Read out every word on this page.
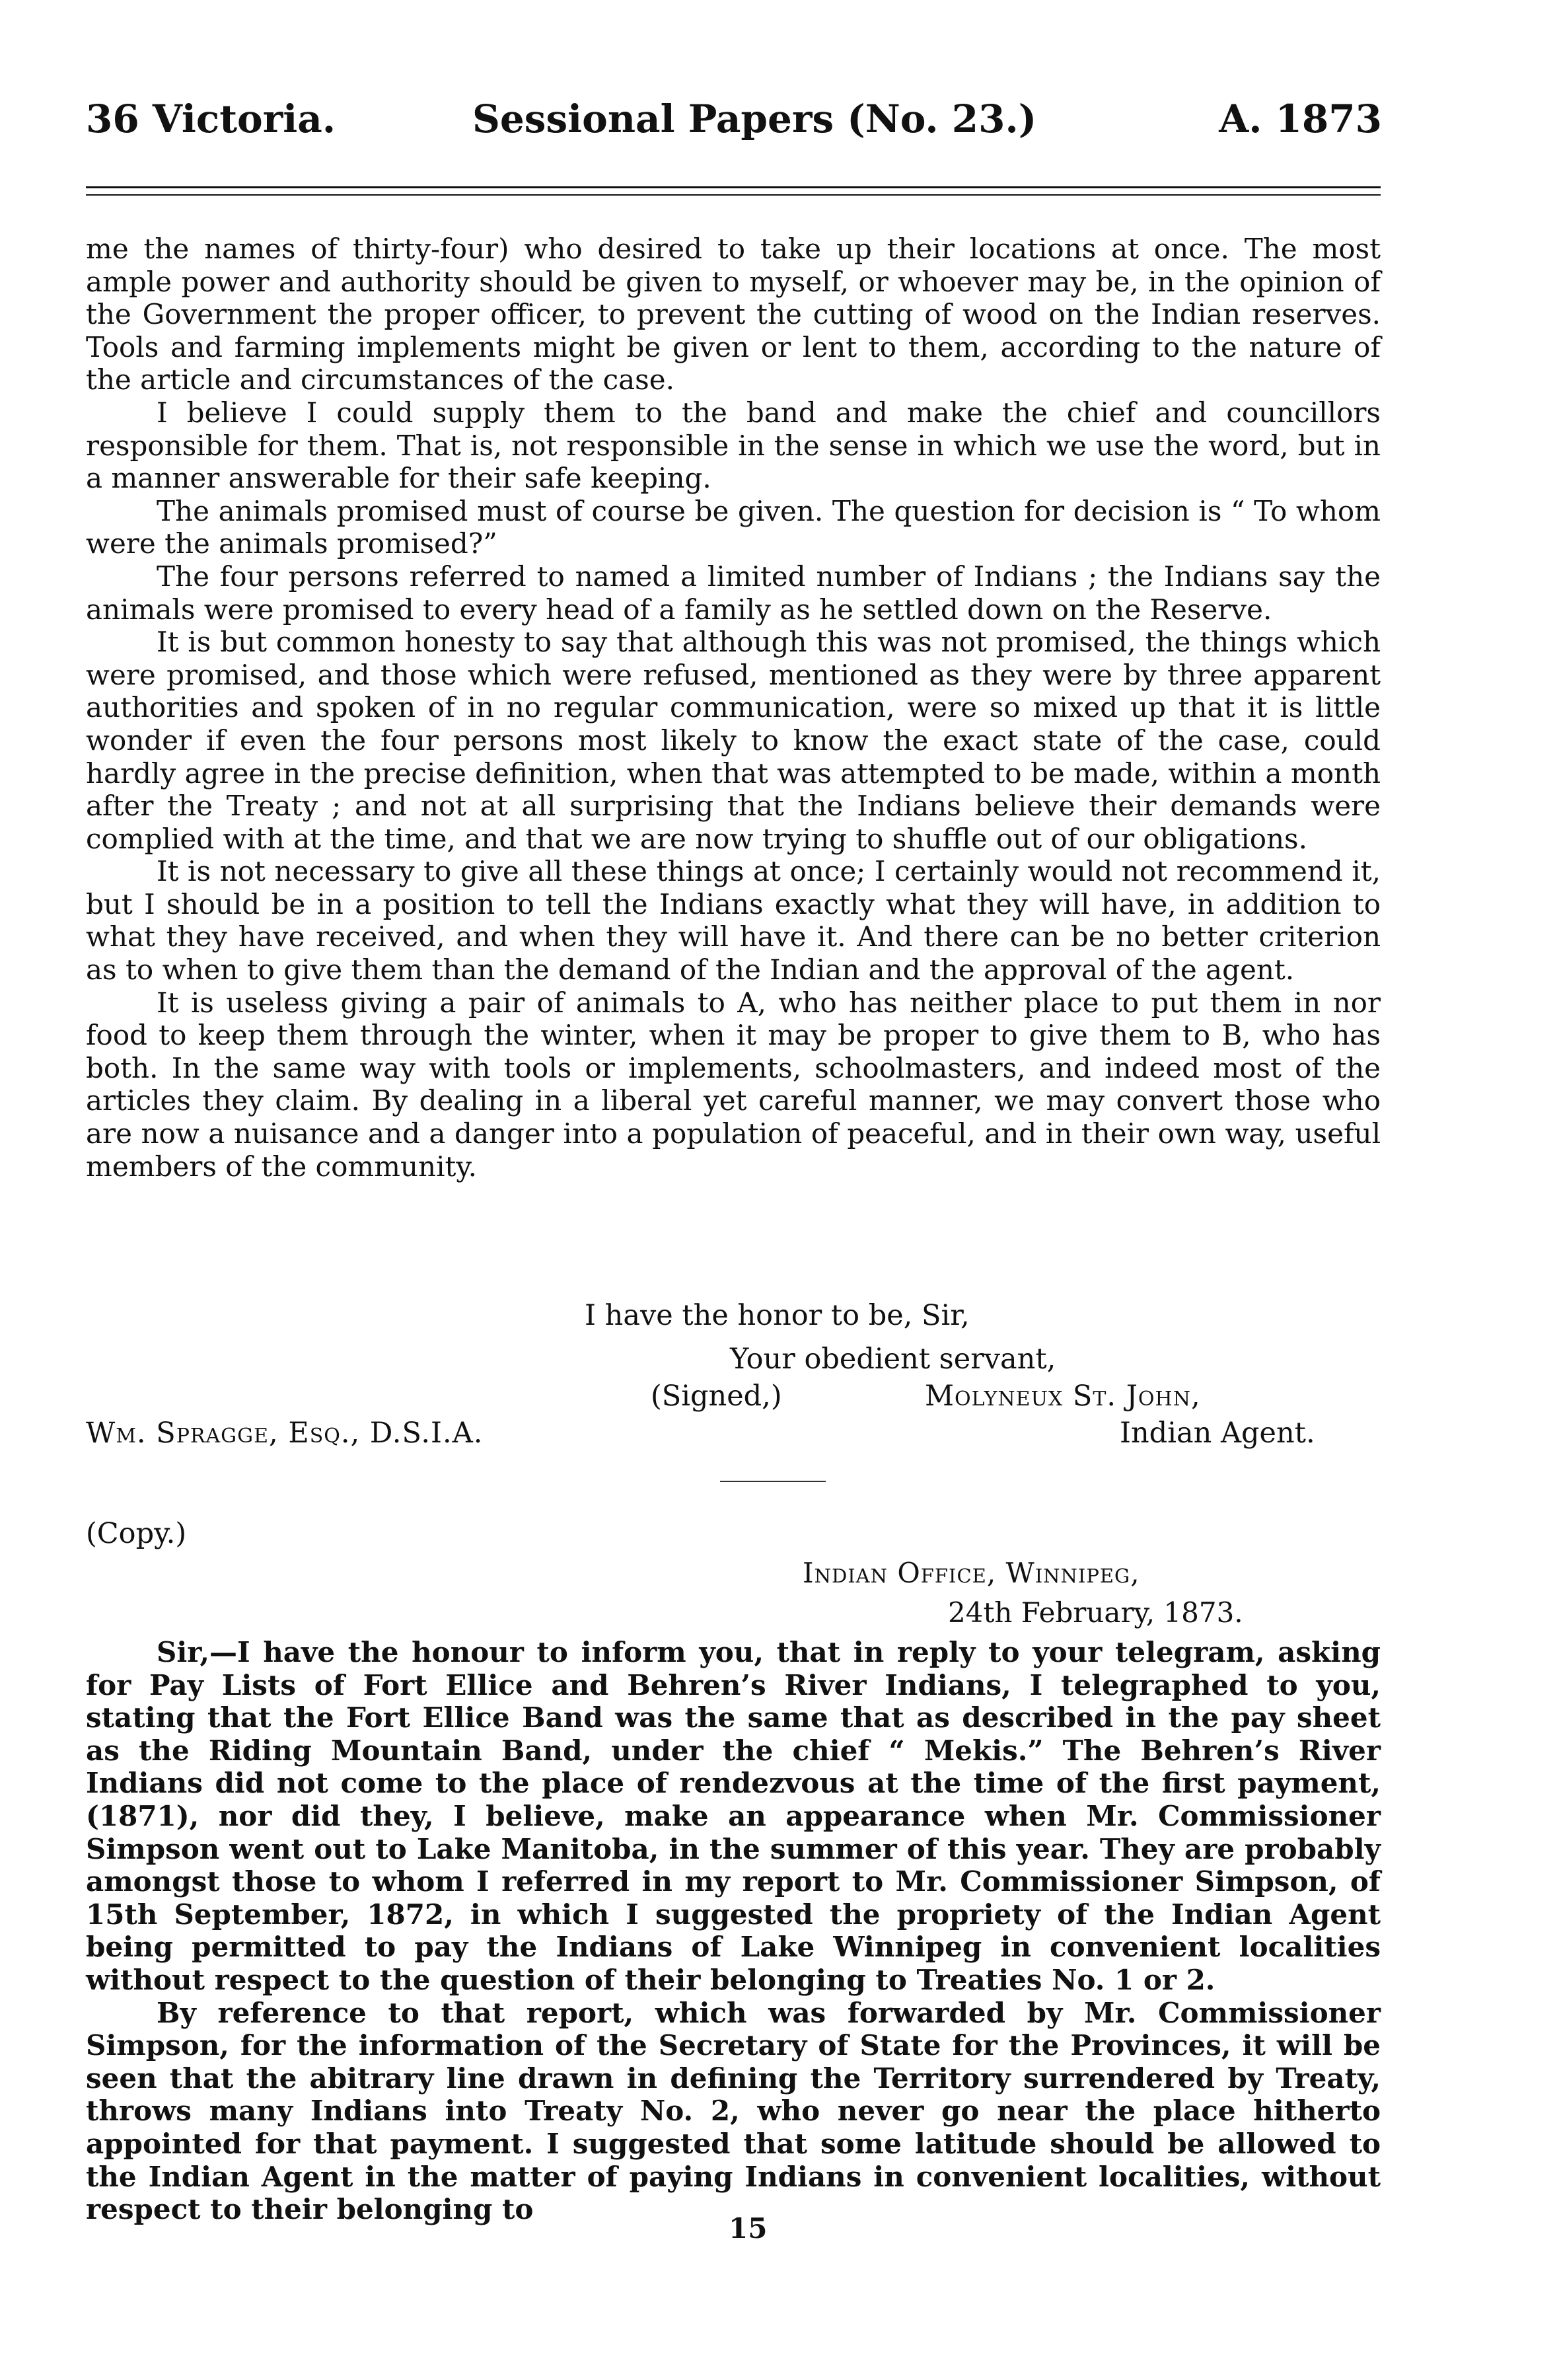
36 Victoria.	Sessional Papers (No. 23.)	A. 1873

me the names of thirty-four) who desired to take up their locations at once. The most ample power and authority should be given to myself, or whoever may be, in the opinion of the Government the proper officer, to prevent the cutting of wood on the Indian reserves. Tools and farming implements might be given or lent to them, according to the nature of the article and circumstances of the case.

I believe I could supply them to the band and make the chief and councillors responsible for them. That is, not responsible in the sense in which we use the word, but in a manner answerable for their safe keeping.

The animals promised must of course be given. The question for decision is “ To whom were the animals promised?”

The four persons referred to named a limited number of Indians ; the Indians say the animals were promised to every head of a family as he settled down on the Reserve.

It is but common honesty to say that although this was not promised, the things which were promised, and those which were refused, mentioned as they were by three apparent authorities and spoken of in no regular communication, were so mixed up that it is little wonder if even the four persons most likely to know the exact state of the case, could hardly agree in the precise definition, when that was attempted to be made, within a month after the Treaty ; and not at all surprising that the Indians believe their demands were complied with at the time, and that we are now trying to shuffle out of our obligations.

It is not necessary to give all these things at once; I certainly would not recommend it, but I should be in a position to tell the Indians exactly what they will have, in addition to what they have received, and when they will have it. And there can be no better criterion as to when to give them than the demand of the Indian and the approval of the agent.

It is useless giving a pair of animals to A, who has neither place to put them in nor food to keep them through the winter, when it may be proper to give them to B, who has both. In the same way with tools or implements, schoolmasters, and indeed most of the articles they claim. By dealing in a liberal yet careful manner, we may convert those who are now a nuisance and a danger into a population of peaceful, and in their own way, useful members of the community.

I have the honor to be, Sir,
Your obedient servant,
(Signed,)	Molyneux St. John,
Indian Agent.
Wm. Spragge, Esq., D.S.I.A.
(Copy.)
Indian Office, Winnipeg,
24th February, 1873.

Sir,—I have the honour to inform you, that in reply to your telegram, asking for Pay Lists of Fort Ellice and Behren’s River Indians, I telegraphed to you, stating that the Fort Ellice Band was the same that as described in the pay sheet as the Riding Mountain Band, under the chief “ Mekis.” The Behren’s River Indians did not come to the place of rendezvous at the time of the first payment, (1871), nor did they, I believe, make an appearance when Mr. Commissioner Simpson went out to Lake Manitoba, in the summer of this year. They are probably amongst those to whom I referred in my report to Mr. Commissioner Simpson, of 15th September, 1872, in which I suggested the propriety of the Indian Agent being permitted to pay the Indians of Lake Winnipeg in convenient localities without respect to the question of their belonging to Treaties No. 1 or 2.

By reference to that report, which was forwarded by Mr. Commissioner Simpson, for the information of the Secretary of State for the Provinces, it will be seen that the abitrary line drawn in defining the Territory surrendered by Treaty, throws many Indians into Treaty No. 2, who never go near the place hitherto appointed for that payment. I suggested that some latitude should be allowed to the Indian Agent in the matter of paying Indians in convenient localities, without respect to their belonging to

15
